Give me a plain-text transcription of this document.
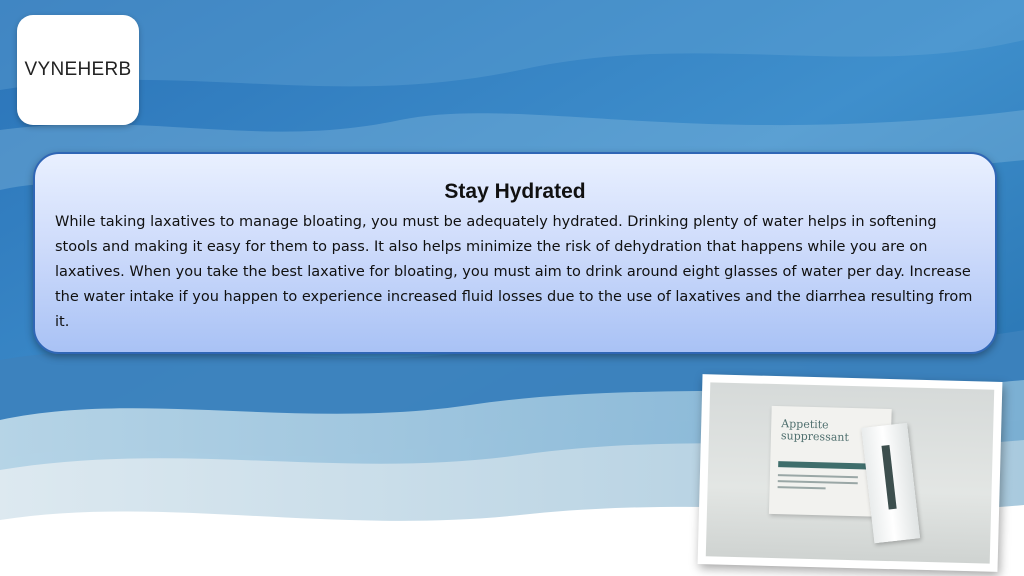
VYNEHERB
Stay Hydrated
While taking laxatives to manage bloating, you must be adequately hydrated. Drinking plenty of water helps in softening stools and making it easy for them to pass. It also helps minimize the risk of dehydration that happens while you are on laxatives. When you take the best laxative for bloating, you must aim to drink around eight glasses of water per day. Increase the water intake if you happen to experience increased fluid losses due to the use of laxatives and the diarrhea resulting from it.
Appetite suppressant
